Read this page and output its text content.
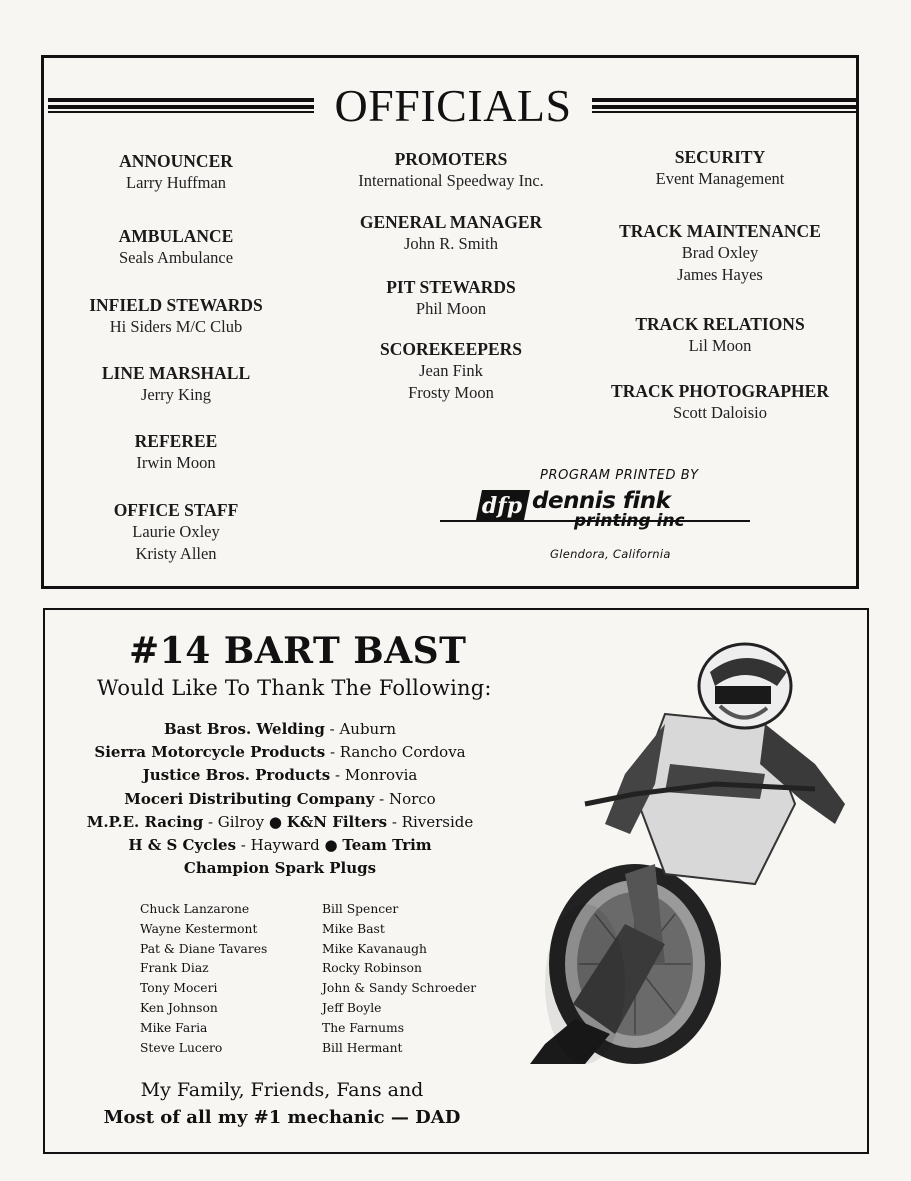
OFFICIALS
ANNOUNCER
Larry Huffman
AMBULANCE
Seals Ambulance
INFIELD STEWARDS
Hi Siders M/C Club
LINE MARSHALL
Jerry King
REFEREE
Irwin Moon
OFFICE STAFF
Laurie Oxley
Kristy Allen
PROMOTERS
International Speedway Inc.
GENERAL MANAGER
John R. Smith
PIT STEWARDS
Phil Moon
SCOREKEEPERS
Jean Fink
Frosty Moon
SECURITY
Event Management
TRACK MAINTENANCE
Brad Oxley
James Hayes
TRACK RELATIONS
Lil Moon
TRACK PHOTOGRAPHER
Scott Daloisio
PROGRAM PRINTED BY
dfp dennis fink
printing inc
Glendora, California
#14 BART BAST
Would Like To Thank The Following:
Bast Bros. Welding - Auburn
Sierra Motorcycle Products - Rancho Cordova
Justice Bros. Products - Monrovia
Moceri Distributing Company - Norco
M.P.E. Racing - Gilroy ● K&N Filters - Riverside
H & S Cycles - Hayward ● Team Trim
Champion Spark Plugs
Chuck Lanzarone
Wayne Kestermont
Pat & Diane Tavares
Frank Diaz
Tony Moceri
Ken Johnson
Mike Faria
Steve Lucero
Bill Spencer
Mike Bast
Mike Kavanaugh
Rocky Robinson
John & Sandy Schroeder
Jeff Boyle
The Farnums
Bill Hermant
My Family, Friends, Fans and
Most of all my #1 mechanic — DAD
